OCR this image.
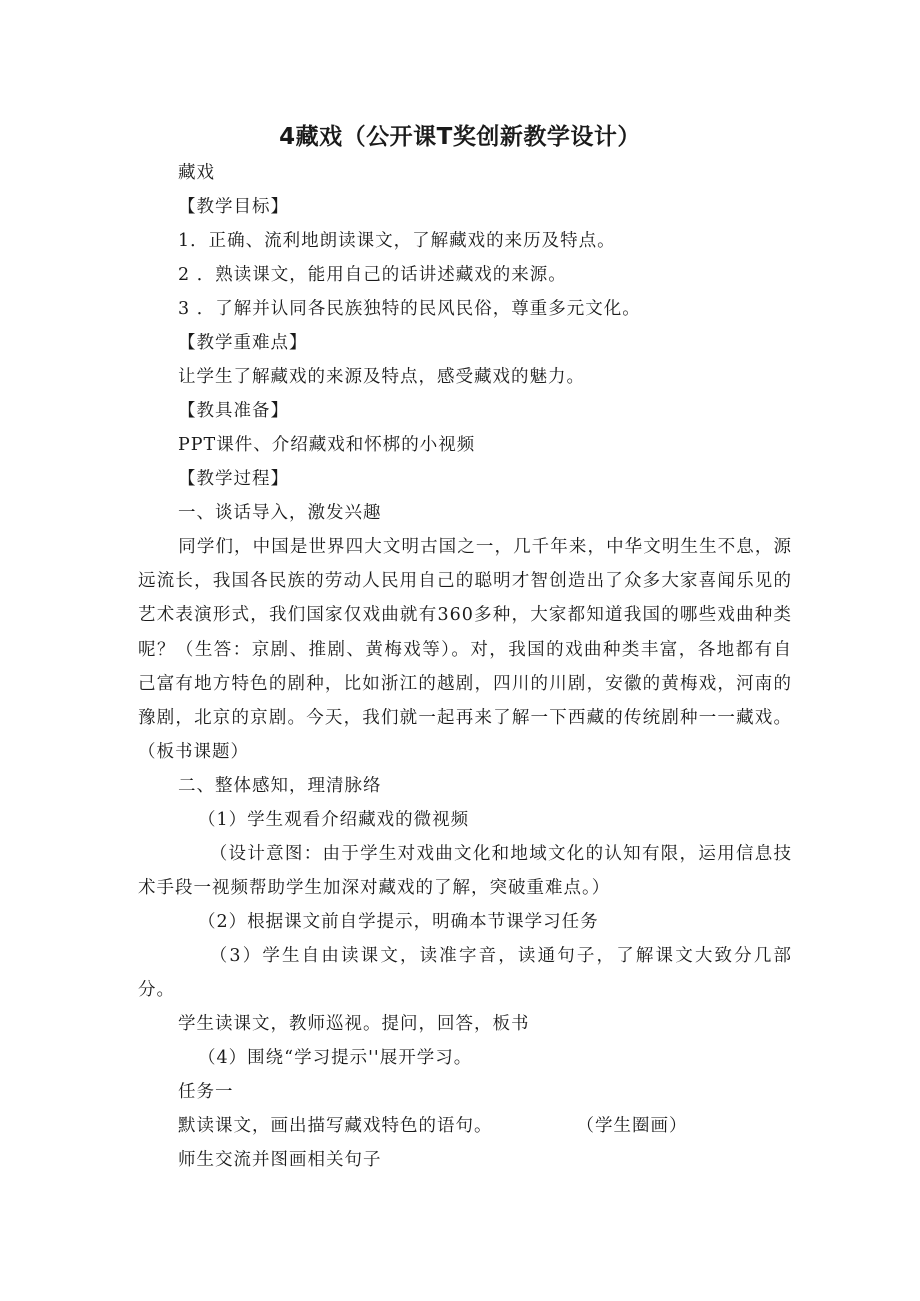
4藏戏（公开课T奖创新教学设计）

藏戏

【教学目标】

1．正确、流利地朗读课文，了解藏戏的来历及特点。

2 ．熟读课文，能用自己的话讲述藏戏的来源。

3 ．了解并认同各民族独特的民风民俗，尊重多元文化。

【教学重难点】

让学生了解藏戏的来源及特点，感受藏戏的魅力。

【教具准备】

PPT课件、介绍藏戏和怀梆的小视频

【教学过程】

一、谈话导入，激发兴趣

同学们，中国是世界四大文明古国之一，几千年来，中华文明生生不息，源远流长，我国各民族的劳动人民用自己的聪明才智创造出了众多大家喜闻乐见的艺术表演形式，我们国家仅戏曲就有360多种，大家都知道我国的哪些戏曲种类呢？（生答：京剧、推剧、黄梅戏等）。对，我国的戏曲种类丰富，各地都有自己富有地方特色的剧种，比如浙江的越剧，四川的川剧，安徽的黄梅戏，河南的豫剧，北京的京剧。今天，我们就一起再来了解一下西藏的传统剧种一一藏戏。（板书课题）

二、整体感知，理清脉络

（1）学生观看介绍藏戏的微视频

（设计意图：由于学生对戏曲文化和地域文化的认知有限，运用信息技术手段一视频帮助学生加深对藏戏的了解，突破重难点。）

（2）根据课文前自学提示，明确本节课学习任务

（3）学生自由读课文，读准字音，读通句子，了解课文大致分几部分。

学生读课文，教师巡视。提问，回答，板书

（4）围绕“学习提示''展开学习。

任务一

默读课文，画出描写藏戏特色的语句。	（学生圈画）

师生交流并图画相关句子
